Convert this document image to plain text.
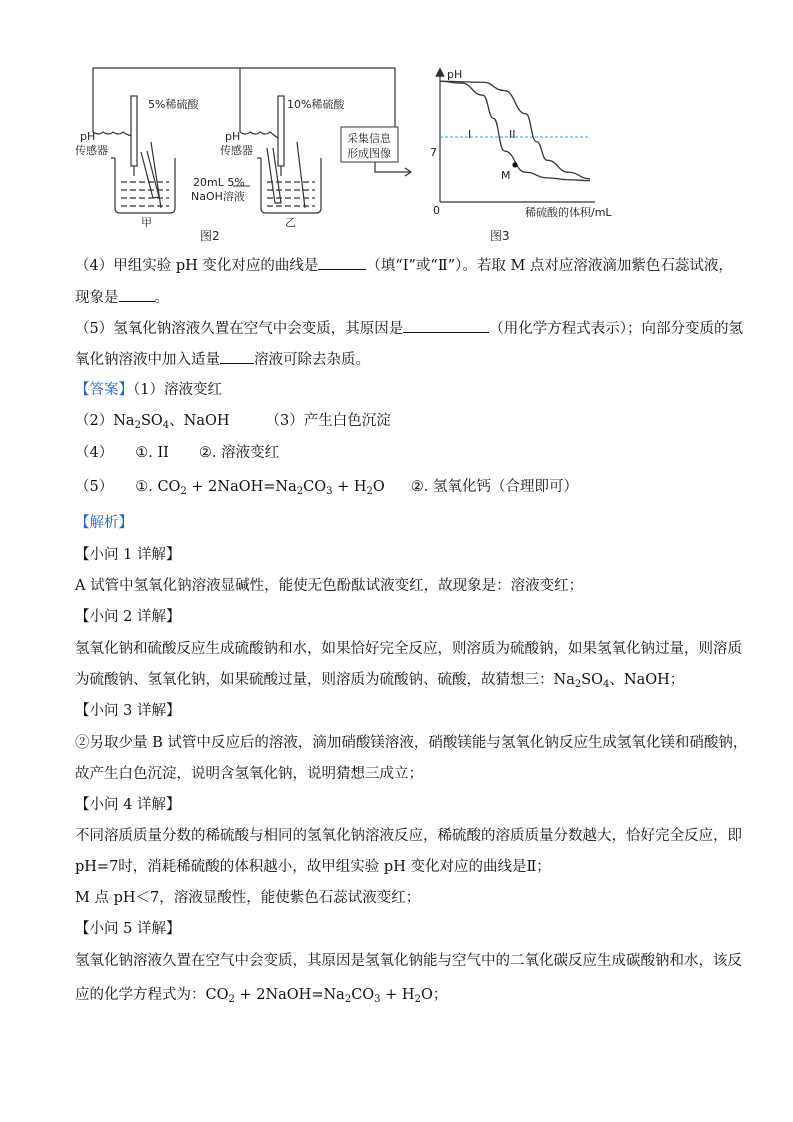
采集信息
形成图像
5%稀硫酸
pH
传感器
甲
10%稀硫酸
pH
传感器
乙
20mL 5%
NaOH溶液
图2
pH
7
0	稀硫酸的体积/mL
I	II
M
图3
（4）甲组实验 pH 变化对应的曲线是	（填“I”或“Ⅱ”）。若取 M 点对应溶液滴加紫色石蕊试液，
现象是 。
（5）氢氧化钠溶液久置在空气中会变质，其原因是	（用化学方程式表示）；向部分变质的氢
氧化钠溶液中加入适量 溶液可除去杂质。
【答案】（1）溶液变红
$(2)Na_2SO_4$、NaOH （3）产生白色沉淀
（4） ①. II ②. 溶液变红
（5） ①. $CO_2$ + $2NaOH=Na_2CO_3 + H_2O$ ②. 氢氧化钙（合理即可）
【解析】
【小问 1 详解】
A 试管中氢氧化钠溶液显碱性，能使无色酚酞试液变红，故现象是：溶液变红；
【小问 2 详解】
氢氧化钠和硫酸反应生成硫酸钠和水，如果恰好完全反应，则溶质为硫酸钠，如果氢氧化钠过量，则溶质
为硫酸钠、氢氧化钠，如果硫酸过量，则溶质为硫酸钠、硫酸，故猜想三：$Na_2SO_4$、NaOH；
【小问 3 详解】
②另取少量 B 试管中反应后的溶液，滴加硝酸镁溶液，硝酸镁能与氢氧化钠反应生成氢氧化镁和硝酸钠，
故产生白色沉淀，说明含氢氧化钠，说明猜想三成立；
【小问 4 详解】
不同溶质质量分数的稀硫酸与相同的氢氧化钠溶液反应，稀硫酸的溶质质量分数越大，恰好完全反应，即
pH=7时，消耗稀硫酸的体积越小，故甲组实验 pH 变化对应的曲线是Ⅱ；
M 点 pH＜7，溶液显酸性，能使紫色石蕊试液变红；
【小问 5 详解】
氢氧化钠溶液久置在空气中会变质，其原因是氢氧化钠能与空气中的二氧化碳反应生成碳酸钠和水，该反
应的化学方程式为：$CO_2$ + $2NaOH=Na_2CO_3 + H_2O$；
